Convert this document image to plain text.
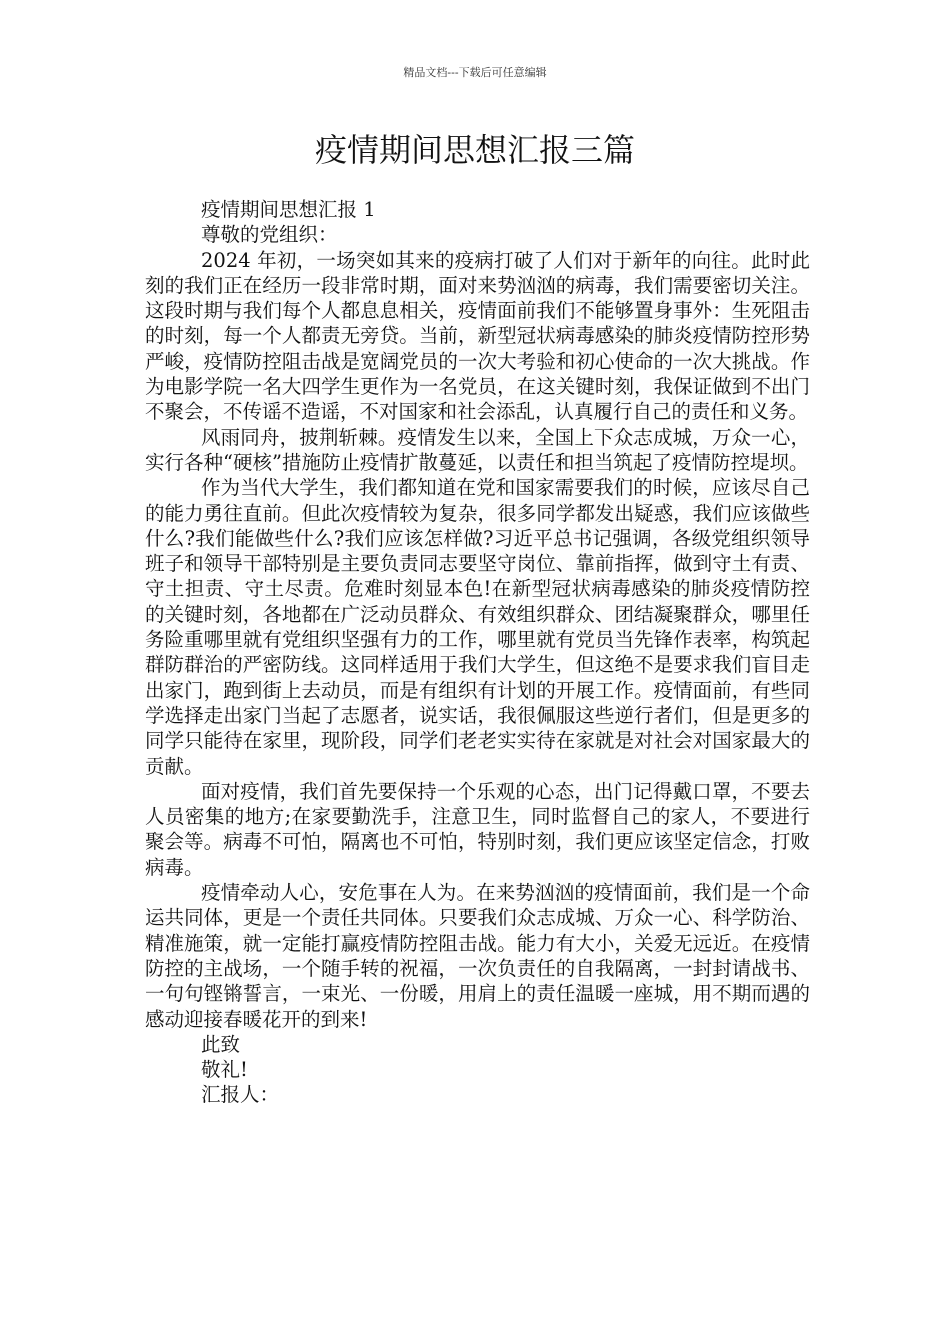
精品文档---下载后可任意编辑
疫情期间思想汇报三篇

疫情期间思想汇报 1

尊敬的党组织：

2024 年初，一场突如其来的疫病打破了人们对于新年的向往。此时此刻的我们正在经历一段非常时期，面对来势汹汹的病毒，我们需要密切关注。这段时期与我们每个人都息息相关，疫情面前我们不能够置身事外：生死阻击的时刻，每一个人都责无旁贷。当前，新型冠状病毒感染的肺炎疫情防控形势严峻，疫情防控阻击战是宽阔党员的一次大考验和初心使命的一次大挑战。作为电影学院一名大四学生更作为一名党员，在这关键时刻，我保证做到不出门不聚会，不传谣不造谣，不对国家和社会添乱，认真履行自己的责任和义务。

风雨同舟，披荆斩棘。疫情发生以来，全国上下众志成城，万众一心，实行各种“硬核”措施防止疫情扩散蔓延，以责任和担当筑起了疫情防控堤坝。

作为当代大学生，我们都知道在党和国家需要我们的时候，应该尽自己的能力勇往直前。但此次疫情较为复杂，很多同学都发出疑惑，我们应该做些什么?我们能做些什么?我们应该怎样做?习近平总书记强调，各级党组织领导班子和领导干部特别是主要负责同志要坚守岗位、靠前指挥，做到守土有责、守土担责、守土尽责。危难时刻显本色!在新型冠状病毒感染的肺炎疫情防控的关键时刻，各地都在广泛动员群众、有效组织群众、团结凝聚群众，哪里任务险重哪里就有党组织坚强有力的工作，哪里就有党员当先锋作表率，构筑起群防群治的严密防线。这同样适用于我们大学生，但这绝不是要求我们盲目走出家门，跑到街上去动员，而是有组织有计划的开展工作。疫情面前，有些同学选择走出家门当起了志愿者，说实话，我很佩服这些逆行者们，但是更多的同学只能待在家里，现阶段，同学们老老实实待在家就是对社会对国家最大的贡献。

面对疫情，我们首先要保持一个乐观的心态，出门记得戴口罩，不要去人员密集的地方;在家要勤洗手，注意卫生，同时监督自己的家人，不要进行聚会等。病毒不可怕，隔离也不可怕，特别时刻，我们更应该坚定信念，打败病毒。

疫情牵动人心，安危事在人为。在来势汹汹的疫情面前，我们是一个命运共同体，更是一个责任共同体。只要我们众志成城、万众一心、科学防治、精准施策，就一定能打赢疫情防控阻击战。能力有大小，关爱无远近。在疫情防控的主战场，一个随手转的祝福，一次负责任的自我隔离，一封封请战书、一句句铿锵誓言，一束光、一份暖，用肩上的责任温暖一座城，用不期而遇的感动迎接春暖花开的到来!

此致

敬礼!

汇报人：
